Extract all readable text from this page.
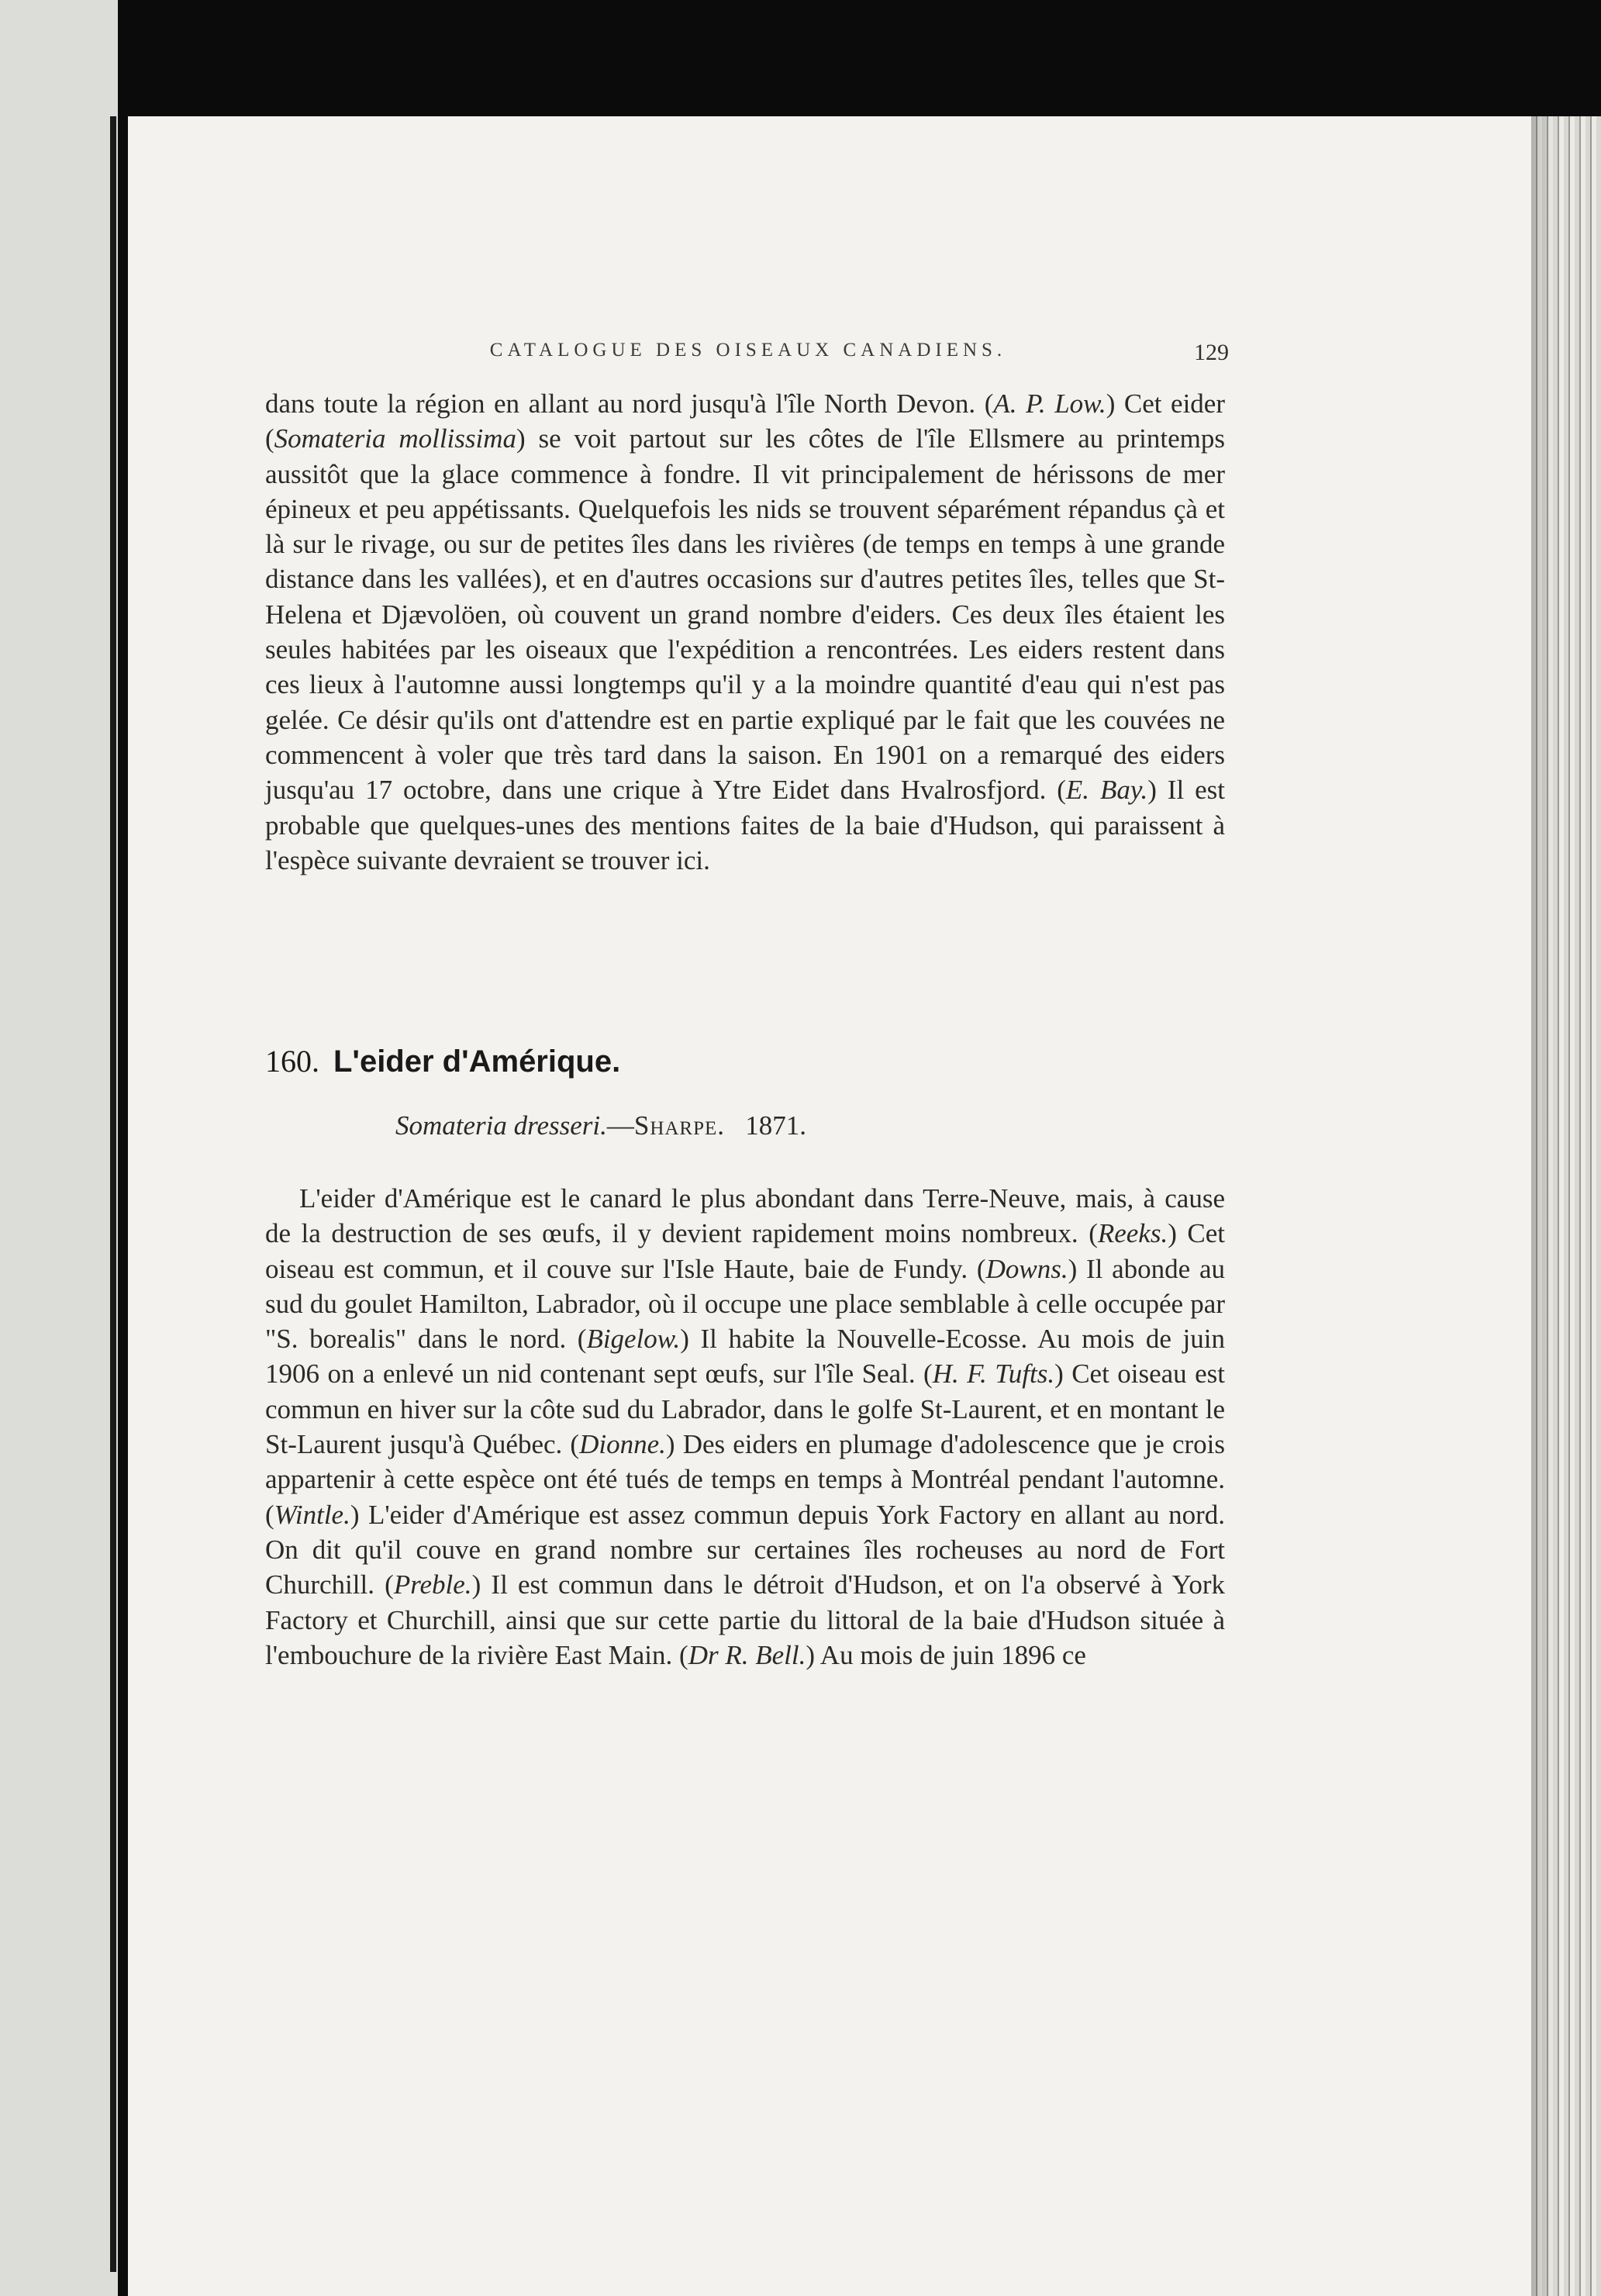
CATALOGUE DES OISEAUX CANADIENS.	129

dans toute la région en allant au nord jusqu'à l'île North Devon. (A. P. Low.) Cet eider (Somateria mollissima) se voit partout sur les côtes de l'île Ellsmere au printemps aussitôt que la glace commence à fondre. Il vit principalement de hérissons de mer épineux et peu appétissants. Quelquefois les nids se trouvent séparément répandus çà et là sur le rivage, ou sur de petites îles dans les rivières (de temps en temps à une grande distance dans les vallées), et en d'autres occasions sur d'autres petites îles, telles que St-Helena et Djævolöen, où couvent un grand nombre d'eiders. Ces deux îles étaient les seules habitées par les oiseaux que l'expédition a rencontrées. Les eiders restent dans ces lieux à l'automne aussi longtemps qu'il y a la moindre quantité d'eau qui n'est pas gelée. Ce désir qu'ils ont d'attendre est en partie expliqué par le fait que les couvées ne commencent à voler que très tard dans la saison. En 1901 on a remarqué des eiders jusqu'au 17 octobre, dans une crique à Ytre Eidet dans Hvalrosfjord. (E. Bay.) Il est probable que quelques-unes des mentions faites de la baie d'Hudson, qui paraissent à l'espèce suivante devraient se trouver ici.

160. L'eider d'Amérique.
Somateria dresseri.—Sharpe. 1871.

L'eider d'Amérique est le canard le plus abondant dans Terre-Neuve, mais, à cause de la destruction de ses œufs, il y devient rapidement moins nombreux. (Reeks.) Cet oiseau est commun, et il couve sur l'Isle Haute, baie de Fundy. (Downs.) Il abonde au sud du goulet Hamilton, Labrador, où il occupe une place semblable à celle occupée par "S. borealis" dans le nord. (Bigelow.) Il habite la Nouvelle-Ecosse. Au mois de juin 1906 on a enlevé un nid contenant sept œufs, sur l'île Seal. (H. F. Tufts.) Cet oiseau est commun en hiver sur la côte sud du Labrador, dans le golfe St-Laurent, et en montant le St-Laurent jusqu'à Québec. (Dionne.) Des eiders en plumage d'adolescence que je crois appartenir à cette espèce ont été tués de temps en temps à Montréal pendant l'automne. (Wintle.) L'eider d'Amérique est assez commun depuis York Factory en allant au nord. On dit qu'il couve en grand nombre sur certaines îles rocheuses au nord de Fort Churchill. (Preble.) Il est commun dans le détroit d'Hudson, et on l'a observé à York Factory et Churchill, ainsi que sur cette partie du littoral de la baie d'Hudson située à l'embouchure de la rivière East Main. (Dr R. Bell.) Au mois de juin 1896 ce
